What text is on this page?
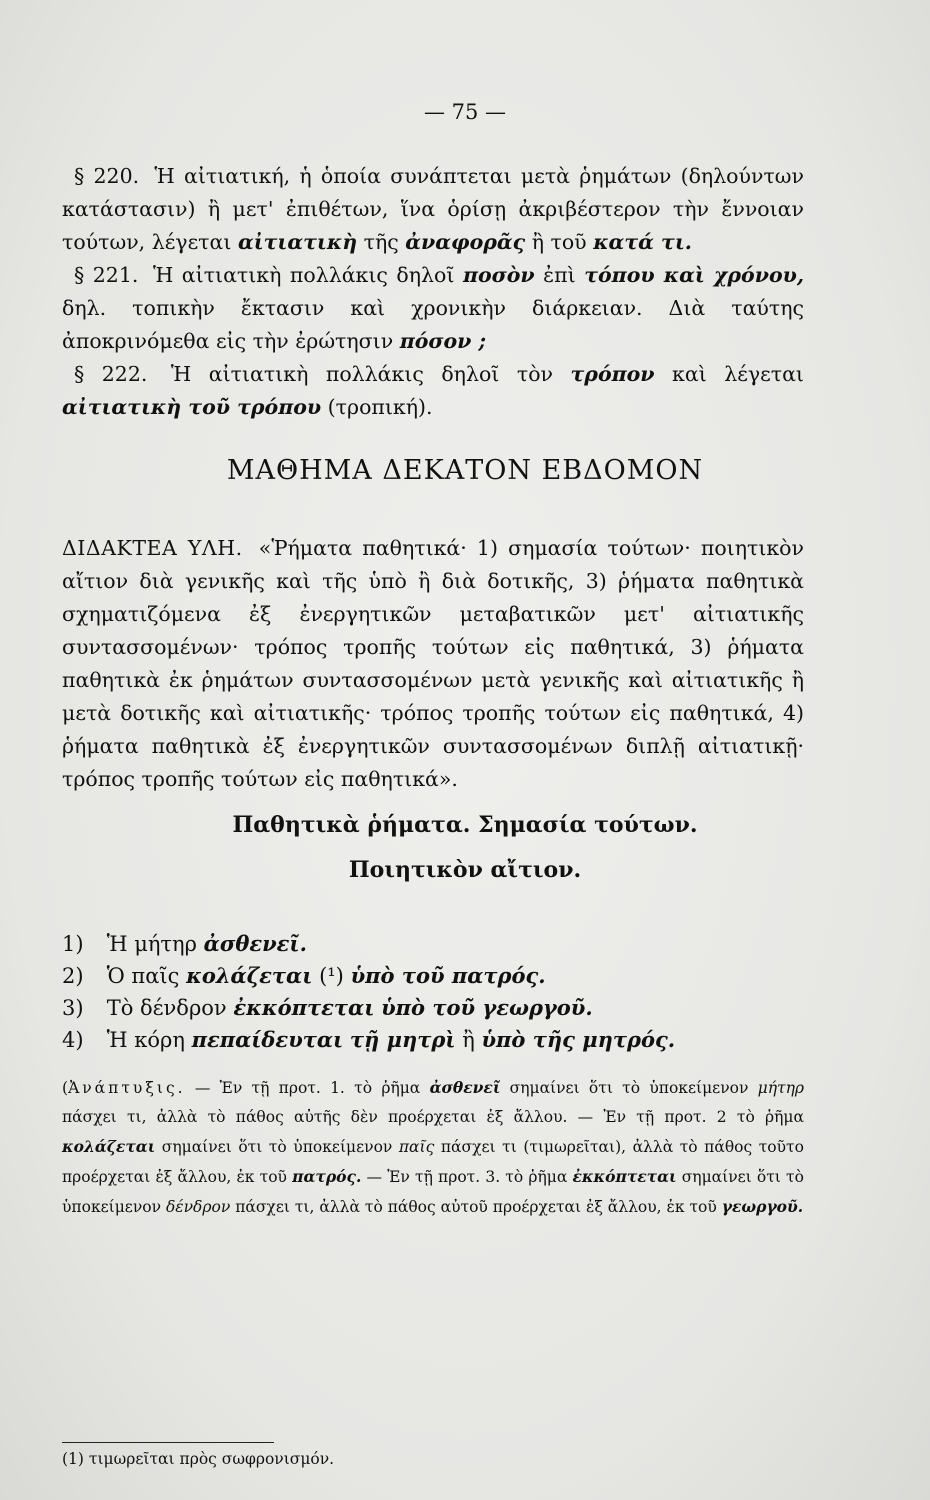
— 75 —

§ 220. Ἡ αἰτιατική, ἡ ὁποία συνάπτεται μετὰ ῥημάτων (δηλούντων κατάστασιν) ἢ μετ' ἐπιθέτων, ἵνα ὁρίσῃ ἀκριβέστερον τὴν ἔννοιαν τούτων, λέγεται αἰτιατικὴ τῆς ἀναφορᾶς ἢ τοῦ κατά τι.

§ 221. Ἡ αἰτιατικὴ πολλάκις δηλοῖ ποσὸν ἐπὶ τόπου καὶ χρόνου, δηλ. τοπικὴν ἔκτασιν καὶ χρονικὴν διάρκειαν. Διὰ ταύτης ἀποκρινόμεθα εἰς τὴν ἐρώτησιν πόσον ;

§ 222. Ἡ αἰτιατικὴ πολλάκις δηλοῖ τὸν τρόπον καὶ λέγεται αἰτιατικὴ τοῦ τρόπου (τροπική).

ΜΑΘΗΜΑ ΔΕΚΑΤΟΝ ΕΒΔΟΜΟΝ

ΔΙΔΑΚΤΕΑ ΥΛΗ. «Ῥήματα παθητικά· 1) σημασία τούτων· ποιητικὸν αἴτιον διὰ γενικῆς καὶ τῆς ὑπὸ ἢ διὰ δοτικῆς, 3) ῥήματα παθητικὰ σχηματιζόμενα ἐξ ἐνεργητικῶν μεταβατικῶν μετ' αἰτιατικῆς συντασσομένων· τρόπος τροπῆς τούτων εἰς παθητικά, 3) ῥήματα παθητικὰ ἐκ ῥημάτων συντασσομένων μετὰ γενικῆς καὶ αἰτιατικῆς ἢ μετὰ δοτικῆς καὶ αἰτιατικῆς· τρόπος τροπῆς τούτων εἰς παθητικά, 4) ῥήματα παθητικὰ ἐξ ἐνεργητικῶν συντασσομένων διπλῇ αἰτιατικῇ· τρόπος τροπῆς τούτων εἰς παθητικά».

Παθητικὰ ῥήματα. Σημασία τούτων.
Ποιητικὸν αἴτιον.
1) Ἡ μήτηρ ἀσθενεῖ.
2) Ὁ παῖς κολάζεται (¹) ὑπὸ τοῦ πατρός.
3) Τὸ δένδρον ἐκκόπτεται ὑπὸ τοῦ γεωργοῦ.
4) Ἡ κόρη πεπαίδευται τῇ μητρὶ ἢ ὑπὸ τῆς μητρός.

(Ἀνάπτυξις. — Ἐν τῇ προτ. 1. τὸ ῥῆμα ἀσθενεῖ σημαίνει ὅτι τὸ ὑποκείμενον μήτηρ πάσχει τι, ἀλλὰ τὸ πάθος αὐτῆς δὲν προέρχεται ἐξ ἄλλου. — Ἐν τῇ προτ. 2 τὸ ῥῆμα κολάζεται σημαίνει ὅτι τὸ ὑποκείμενον παῖς πάσχει τι (τιμωρεῖται), ἀλλὰ τὸ πάθος τοῦτο προέρχεται ἐξ ἄλλου, ἐκ τοῦ πατρός. — Ἐν τῇ προτ. 3. τὸ ῥῆμα ἐκκόπτεται σημαίνει ὅτι τὸ ὑποκείμενον δένδρον πάσχει τι, ἀλλὰ τὸ πάθος αὐτοῦ προέρχεται ἐξ ἄλλου, ἐκ τοῦ γεωργοῦ.

(1) τιμωρεῖται πρὸς σωφρονισμόν.
